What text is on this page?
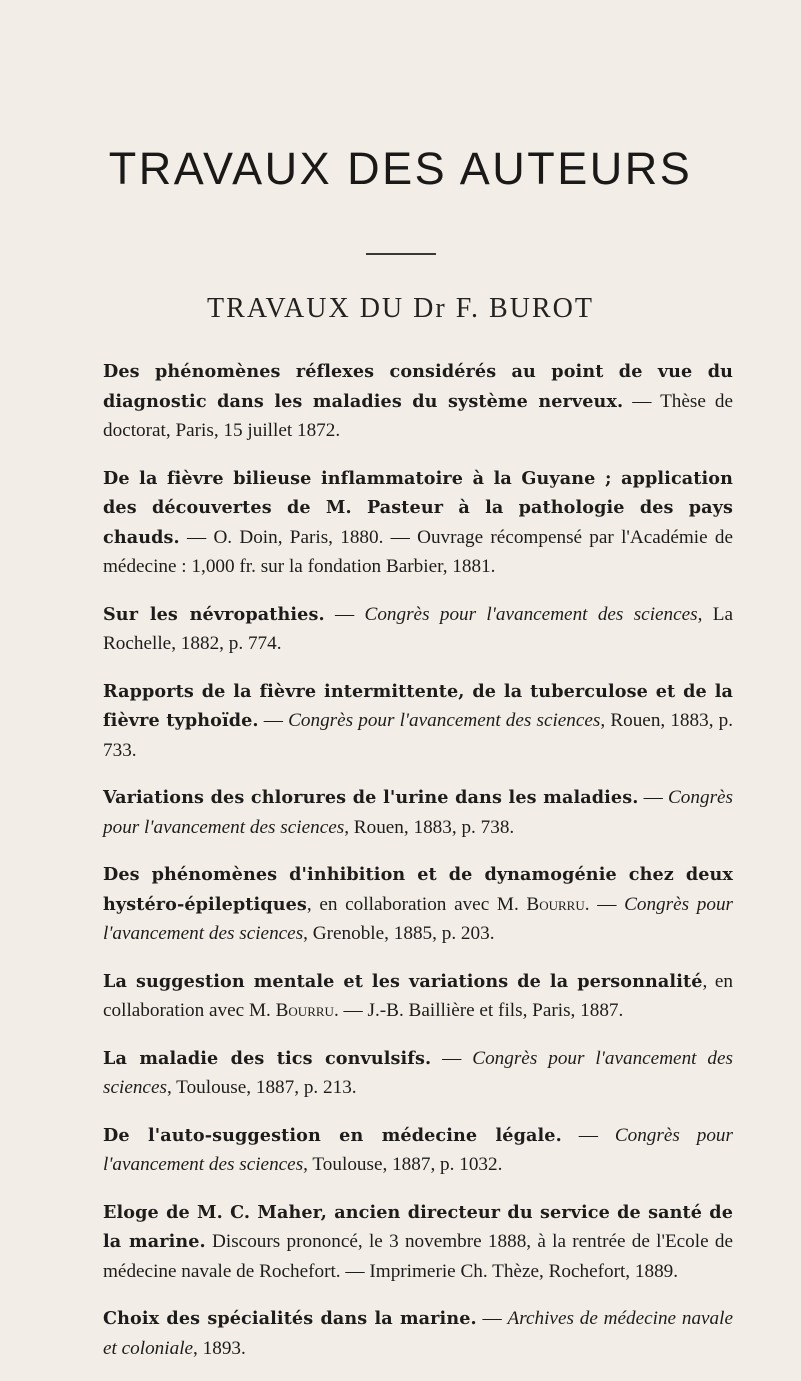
TRAVAUX DES AUTEURS
TRAVAUX DU Dr F. BUROT
Des phénomènes réflexes considérés au point de vue du diagnostic dans les maladies du système nerveux. — Thèse de doctorat, Paris, 15 juillet 1872.
De la fièvre bilieuse inflammatoire à la Guyane ; application des découvertes de M. Pasteur à la pathologie des pays chauds. — O. Doin, Paris, 1880. — Ouvrage récompensé par l'Académie de médecine : 1,000 fr. sur la fondation Barbier, 1881.
Sur les névropathies. — Congrès pour l'avancement des sciences, La Rochelle, 1882, p. 774.
Rapports de la fièvre intermittente, de la tuberculose et de la fièvre typhoïde. — Congrès pour l'avancement des sciences, Rouen, 1883, p. 733.
Variations des chlorures de l'urine dans les maladies. — Congrès pour l'avancement des sciences, Rouen, 1883, p. 738.
Des phénomènes d'inhibition et de dynamogénie chez deux hystéro-épileptiques, en collaboration avec M. Bourru. — Congrès pour l'avancement des sciences, Grenoble, 1885, p. 203.
La suggestion mentale et les variations de la personnalité, en collaboration avec M. Bourru. — J.-B. Baillière et fils, Paris, 1887.
La maladie des tics convulsifs. — Congrès pour l'avancement des sciences, Toulouse, 1887, p. 213.
De l'auto-suggestion en médecine légale. — Congrès pour l'avancement des sciences, Toulouse, 1887, p. 1032.
Eloge de M. C. Maher, ancien directeur du service de santé de la marine. Discours prononcé, le 3 novembre 1888, à la rentrée de l'Ecole de médecine navale de Rochefort. — Imprimerie Ch. Thèze, Rochefort, 1889.
Choix des spécialités dans la marine. — Archives de médecine navale et coloniale, 1893.
